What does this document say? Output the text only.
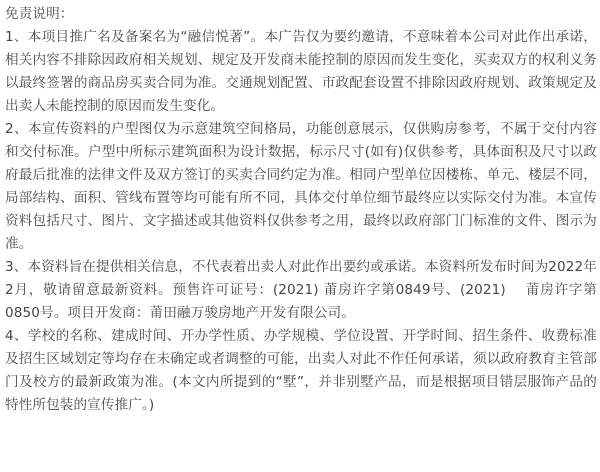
免责说明：

1、本项目推广名及备案名为“融信悦著”。本广告仅为要约邀请，不意味着本公司对此作出承诺，相关内容不排除因政府相关规划、规定及开发商未能控制的原因而发生变化，买卖双方的权利义务以最终签署的商品房买卖合同为准。交通规划配置、市政配套设置不排除因政府规划、政策规定及出卖人未能控制的原因而发生变化。

2、本宣传资料的户型图仅为示意建筑空间格局，功能创意展示，仅供购房参考，不属于交付内容和交付标准。户型中所标示建筑面积为设计数据，标示尺寸(如有)仅供参考，具体面积及尺寸以政府最后批准的法律文件及双方签订的买卖合同约定为准。相同户型单位因楼栋、单元、楼层不同，局部结构、面积、管线布置等均可能有所不同，具体交付单位细节最终应以实际交付为准。本宣传资料包括尺寸、图片、文字描述或其他资料仅供参考之用，最终以政府部门门标准的文件、图示为准。

3、本资料旨在提供相关信息，不代表着出卖人对此作出要约或承诺。本资料所发布时间为2022年2月，敬请留意最新资料。预售许可证号：(2021) 莆房许字第0849号、(2021)　 莆房许字第0850号。项目开发商：莆田融万骏房地产开发有限公司。

4、学校的名称、建成时间、开办学性质、办学规模、学位设置、开学时间、招生条件、收费标准及招生区域划定等均存在未确定或者调整的可能，出卖人对此不作任何承诺，须以政府教育主管部门及校方的最新政策为准。(本文内所提到的“墅”，并非别墅产品，而是根据项目错层服饰产品的特性所包装的宣传推广。)
